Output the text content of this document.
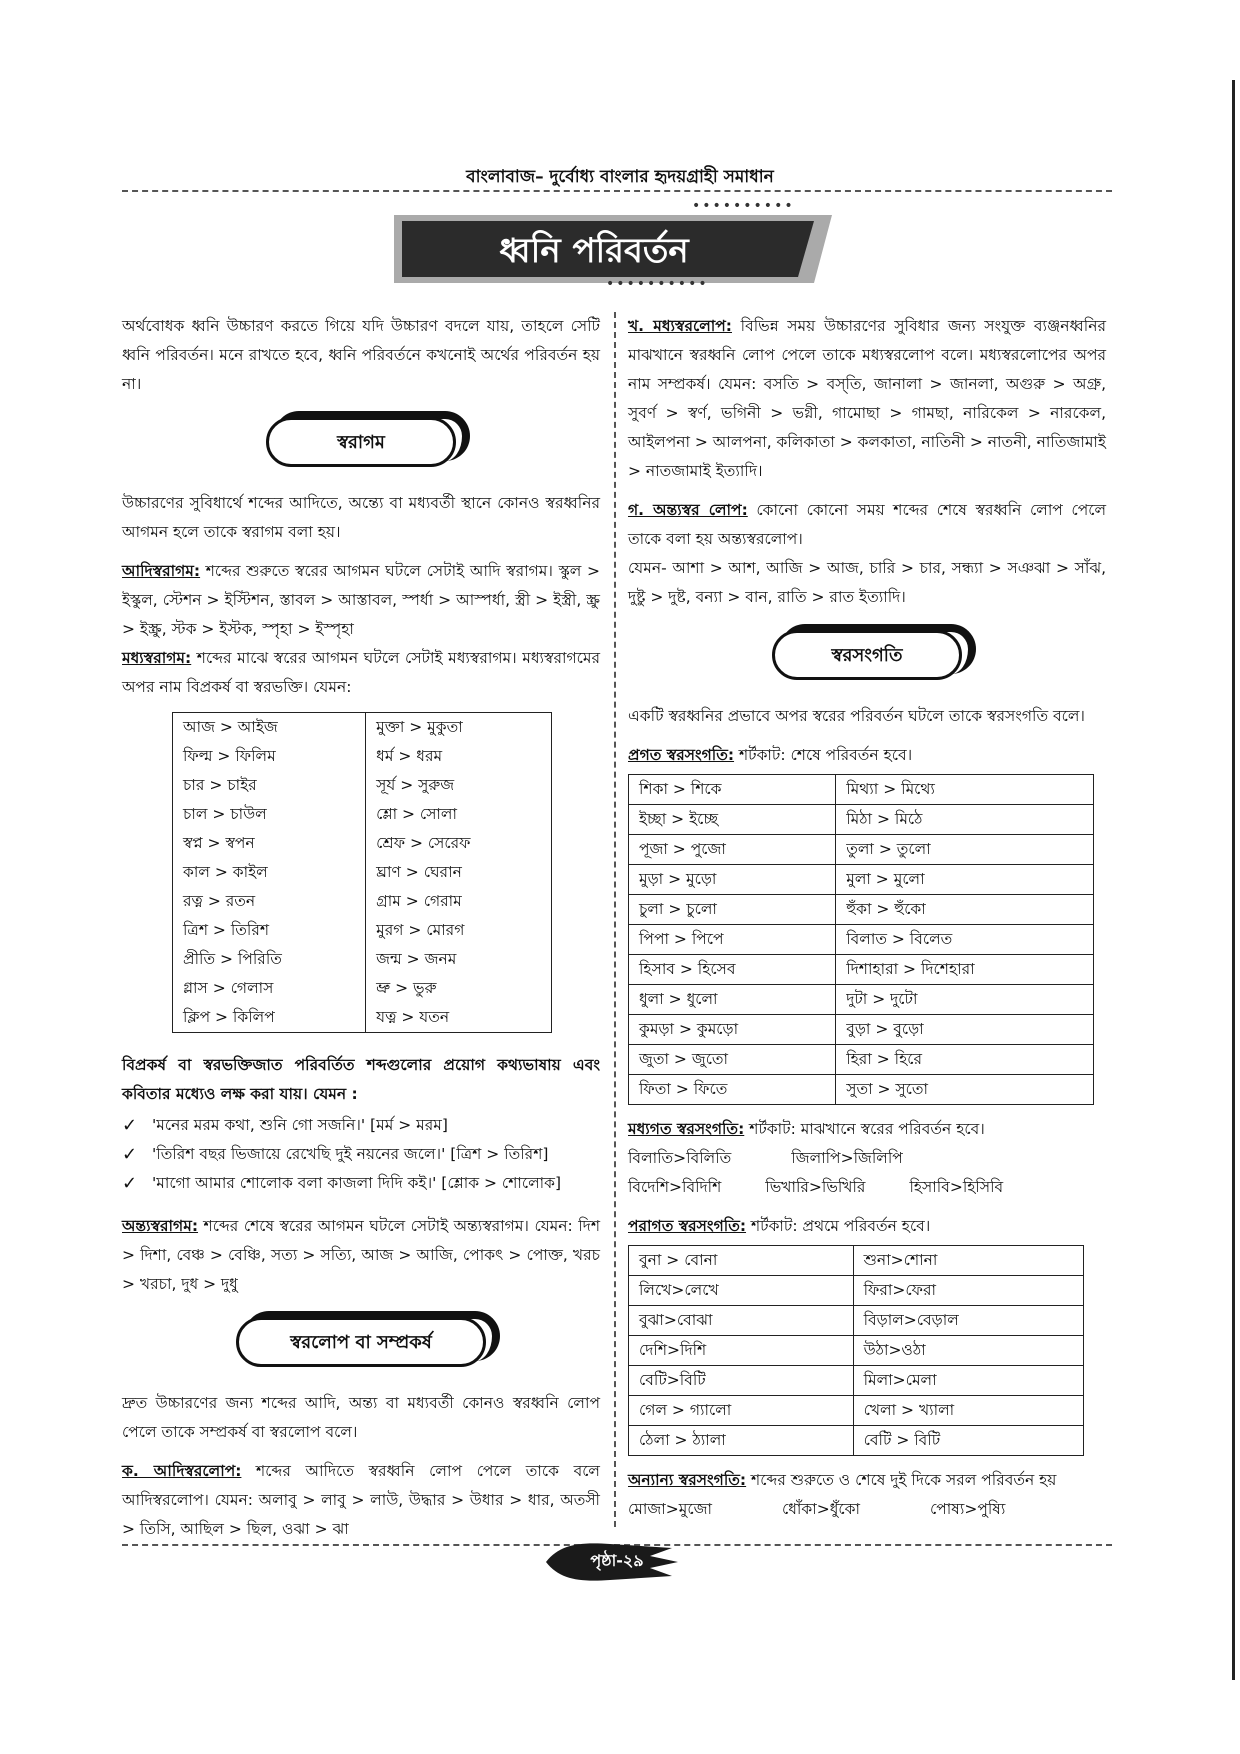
বাংলাবাজ– দুর্বোধ্য বাংলার হৃদয়গ্রাহী সমাধান
••••••••••
••••••••••
ধ্বনি পরিবর্তন

অর্থবোধক ধ্বনি উচ্চারণ করতে গিয়ে যদি উচ্চারণ বদলে যায়, তাহলে সেটি ধ্বনি পরিবর্তন। মনে রাখতে হবে, ধ্বনি পরিবর্তনে কখনোই অর্থের পরিবর্তন হয় না।

স্বরাগম

উচ্চারণের সুবিধার্থে শব্দের আদিতে, অন্ত্যে বা মধ্যবর্তী স্থানে কোনও স্বরধ্বনির আগমন হলে তাকে স্বরাগম বলা হয়।

আদিস্বরাগম: শব্দের শুরুতে স্বরের আগমন ঘটলে সেটাই আদি স্বরাগম। স্কুল > ইস্কুল, স্টেশন > ইস্টিশন, স্তাবল > আস্তাবল, স্পর্ধা > আস্পর্ধা, স্ত্রী > ইস্ত্রী, স্ক্রু > ইস্ক্রু, স্টক > ইস্টক, স্পৃহা > ইস্পৃহা

মধ্যস্বরাগম: শব্দের মাঝে স্বরের আগমন ঘটলে সেটাই মধ্যস্বরাগম। মধ্যস্বরাগমের অপর নাম বিপ্রকর্ষ বা স্বরভক্তি। যেমন:

আজ > আইজ	মুক্তা > মুকুতা
ফিল্ম > ফিলিম	ধর্ম > ধরম
চার > চাইর	সূর্য > সুরুজ
চাল > চাউল	শ্লো > সোলা
স্বপ্ন > স্বপন	শ্রেফ > সেরেফ
কাল > কাইল	ঘ্রাণ > ঘেরান
রত্ন > রতন	গ্রাম > গেরাম
ত্রিশ > তিরিশ	মুরগ > মোরগ
প্রীতি > পিরিতি	জন্ম > জনম
গ্লাস > গেলাস	ভ্রু > ভুরু
ক্লিপ > কিলিপ	যত্ন > যতন

বিপ্রকর্ষ বা স্বরভক্তিজাত পরিবর্তিত শব্দগুলোর প্রয়োগ কথ্যভাষায় এবং কবিতার মধ্যেও লক্ষ করা যায়। যেমন :

✓ 'মনের মরম কথা, শুনি গো সজনি।' [মর্ম > মরম]
✓ 'তিরিশ বছর ভিজায়ে রেখেছি দুই নয়নের জলে।' [ত্রিশ > তিরিশ]
✓ 'মাগো আমার শোলোক বলা কাজলা দিদি কই।' [শ্লোক > শোলোক]

অন্ত্যস্বরাগম: শব্দের শেষে স্বরের আগমন ঘটলে সেটাই অন্ত্যস্বরাগম। যেমন: দিশ > দিশা, বেঞ্চ > বেঞ্চি, সত্য > সত্যি, আজ > আজি, পোকৎ > পোক্ত, খরচ > খরচা, দুধ > দুধু

স্বরলোপ বা সম্প্রকর্ষ

দ্রুত উচ্চারণের জন্য শব্দের আদি, অন্ত্য বা মধ্যবর্তী কোনও স্বরধ্বনি লোপ পেলে তাকে সম্প্রকর্ষ বা স্বরলোপ বলে।

ক. আদিস্বরলোপ: শব্দের আদিতে স্বরধ্বনি লোপ পেলে তাকে বলে আদিস্বরলোপ। যেমন: অলাবু > লাবু > লাউ, উদ্ধার > উধার > ধার, অতসী > তিসি, আছিল > ছিল, ওঝা > ঝা

খ. মধ্যস্বরলোপ: বিভিন্ন সময় উচ্চারণের সুবিধার জন্য সংযুক্ত ব্যঞ্জনধ্বনির মাঝখানে স্বরধ্বনি লোপ পেলে তাকে মধ্যস্বরলোপ বলে। মধ্যস্বরলোপের অপর নাম সম্প্রকর্ষ। যেমন: বসতি > বস্‌তি, জানালা > জানলা, অগুরু > অগ্রু, সুবর্ণ > স্বর্ণ, ভগিনী > ভগ্নী, গামোছা > গামছা, নারিকেল > নারকেল, আইলপনা > আলপনা, কলিকাতা > কলকাতা, নাতিনী > নাতনী, নাতিজামাই > নাতজামাই ইত্যাদি।

গ. অন্ত্যস্বর লোপ: কোনো কোনো সময় শব্দের শেষে স্বরধ্বনি লোপ পেলে তাকে বলা হয় অন্ত্যস্বরলোপ।

যেমন- আশা > আশ, আজি > আজ, চারি > চার, সন্ধ্যা > সঞঝা > সাঁঝ, দুষ্টু > দুষ্ট, বন্যা > বান, রাতি > রাত ইত্যাদি।

স্বরসংগতি

একটি স্বরধ্বনির প্রভাবে অপর স্বরের পরিবর্তন ঘটলে তাকে স্বরসংগতি বলে।

প্রগত স্বরসংগতি: শর্টকাট: শেষে পরিবর্তন হবে।

শিকা > শিকে	মিথ্যা > মিথ্যে
ইচ্ছা > ইচ্ছে	মিঠা > মিঠে
পূজা > পুজো	তুলা > তুলো
মুড়া > মুড়ো	মুলা > মুলো
চুলা > চুলো	হুঁকা > হুঁকো
পিপা > পিপে	বিলাত > বিলেত
হিসাব > হিসেব	দিশাহারা > দিশেহারা
ধুলা > ধুলো	দুটা > দুটো
কুমড়া > কুমড়ো	বুড়া > বুড়ো
জুতা > জুতো	হিরা > হিরে
ফিতা > ফিতে	সুতা > সুতো

মধ্যগত স্বরসংগতি: শর্টকাট: মাঝখানে স্বরের পরিবর্তন হবে।

বিলাতি>বিলিতি	জিলাপি>জিলিপি
বিদেশি>বিদিশি	ভিখারি>ভিখিরি	হিসাবি>হিসিবি

পরাগত স্বরসংগতি: শর্টকাট: প্রথমে পরিবর্তন হবে।

বুনা > বোনা	শুনা>শোনা
লিখে>লেখে	ফিরা>ফেরা
বুঝা>বোঝা	বিড়াল>বেড়াল
দেশি>দিশি	উঠা>ওঠা
বেটি>বিটি	মিলা>মেলা
গেল > গ্যালো	খেলা > খ্যালা
ঠেলা > ঠ্যালা	বেটি > বিটি

অন্যান্য স্বরসংগতি: শব্দের শুরুতে ও শেষে দুই দিকে সরল পরিবর্তন হয়

মোজা>মুজো	ধোঁকা>ধুঁকো	পোষ্য>পুষ্যি
পৃষ্ঠা-২৯
